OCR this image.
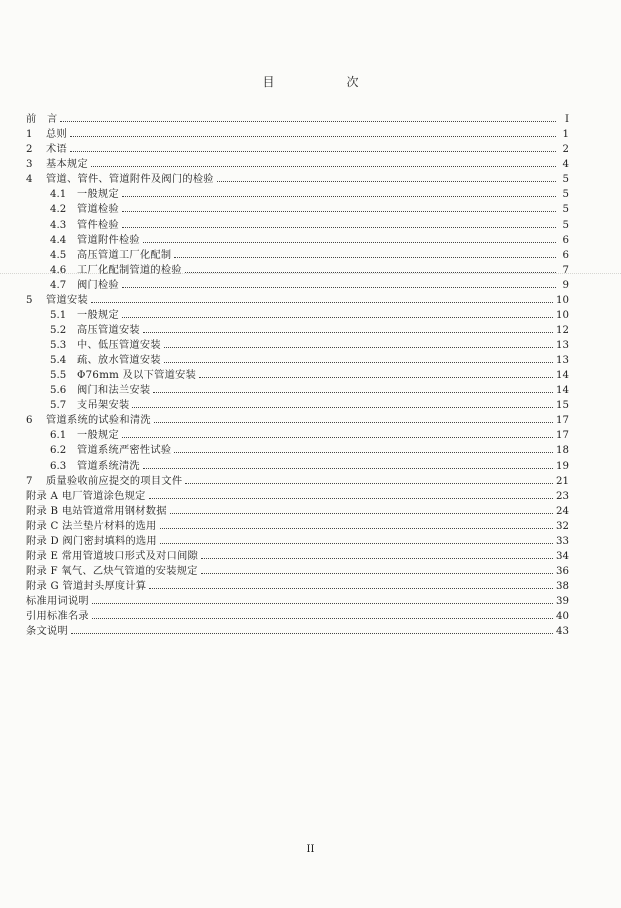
目　次
前　言	I
1	总则	1
2	术语	2
3	基本规定	4
4	管道、管件、管道附件及阀门的检验	5
4.1	一般规定	5
4.2	管道检验	5
4.3	管件检验	5
4.4	管道附件检验	6
4.5	高压管道工厂化配制	6
4.6	工厂化配制管道的检验	7
4.7	阀门检验	9
5	管道安装	10
5.1	一般规定	10
5.2	高压管道安装	12
5.3	中、低压管道安装	13
5.4	疏、放水管道安装	13
5.5	Φ76mm 及以下管道安装	14
5.6	阀门和法兰安装	14
5.7	支吊架安装	15
6	管道系统的试验和清洗	17
6.1	一般规定	17
6.2	管道系统严密性试验	18
6.3	管道系统清洗	19
7	质量验收前应提交的项目文件	21
附录 A 电厂管道涂色规定	23
附录 B 电站管道常用钢材数据	24
附录 C 法兰垫片材料的选用	32
附录 D 阀门密封填料的选用	33
附录 E 常用管道坡口形式及对口间隙	34
附录 F 氧气、乙炔气管道的安装规定	36
附录 G 管道封头厚度计算	38
标准用词说明	39
引用标准名录	40
条文说明	43
II
